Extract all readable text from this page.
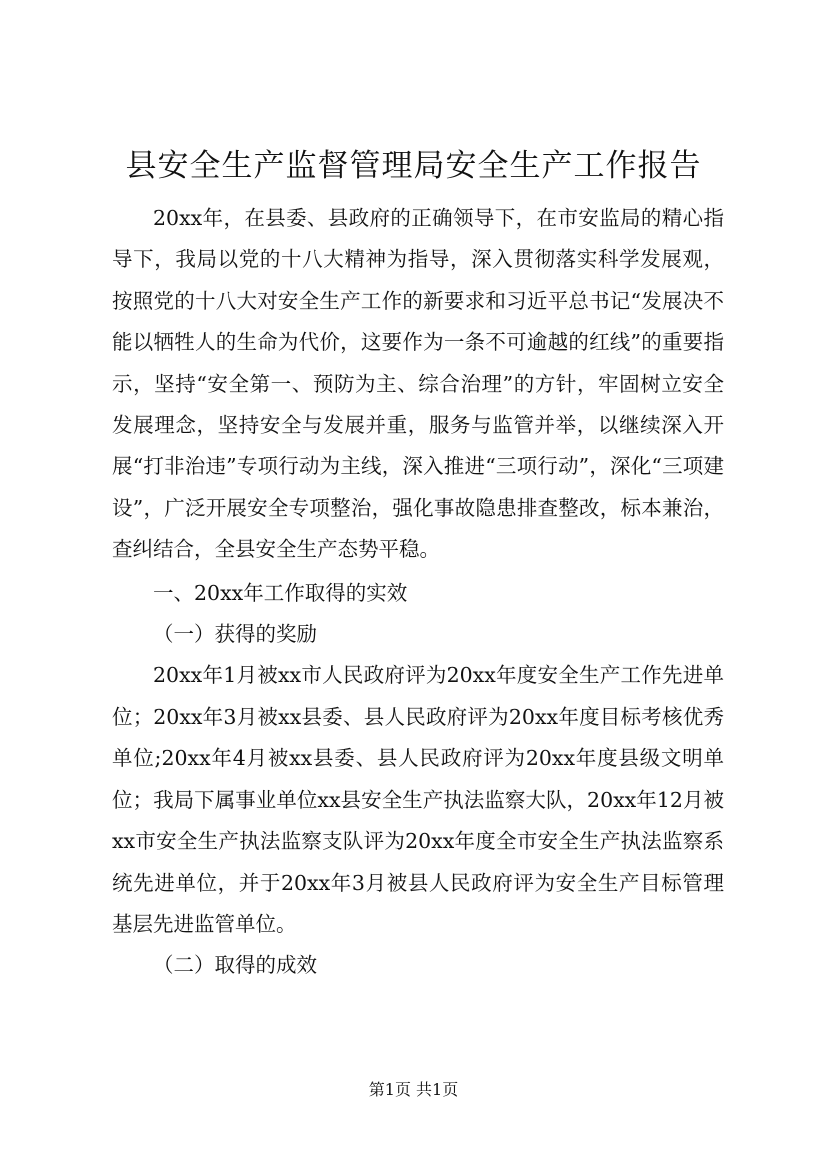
县安全生产监督管理局安全生产工作报告

20xx年，在县委、县政府的正确领导下，在市安监局的精心指导下，我局以党的十八大精神为指导，深入贯彻落实科学发展观，按照党的十八大对安全生产工作的新要求和习近平总书记“发展决不能以牺牲人的生命为代价，这要作为一条不可逾越的红线”的重要指示，坚持“安全第一、预防为主、综合治理”的方针，牢固树立安全发展理念，坚持安全与发展并重，服务与监管并举，以继续深入开展“打非治违”专项行动为主线，深入推进“三项行动”，深化“三项建设”，广泛开展安全专项整治，强化事故隐患排查整改，标本兼治，查纠结合，全县安全生产态势平稳。

一、20xx年工作取得的实效

（一）获得的奖励

20xx年1月被xx市人民政府评为20xx年度安全生产工作先进单位；20xx年3月被xx县委、县人民政府评为20xx年度目标考核优秀单位;20xx年4月被xx县委、县人民政府评为20xx年度县级文明单位；我局下属事业单位xx县安全生产执法监察大队，20xx年12月被xx市安全生产执法监察支队评为20xx年度全市安全生产执法监察系统先进单位，并于20xx年3月被县人民政府评为安全生产目标管理基层先进监管单位。

（二）取得的成效

第1页 共1页
